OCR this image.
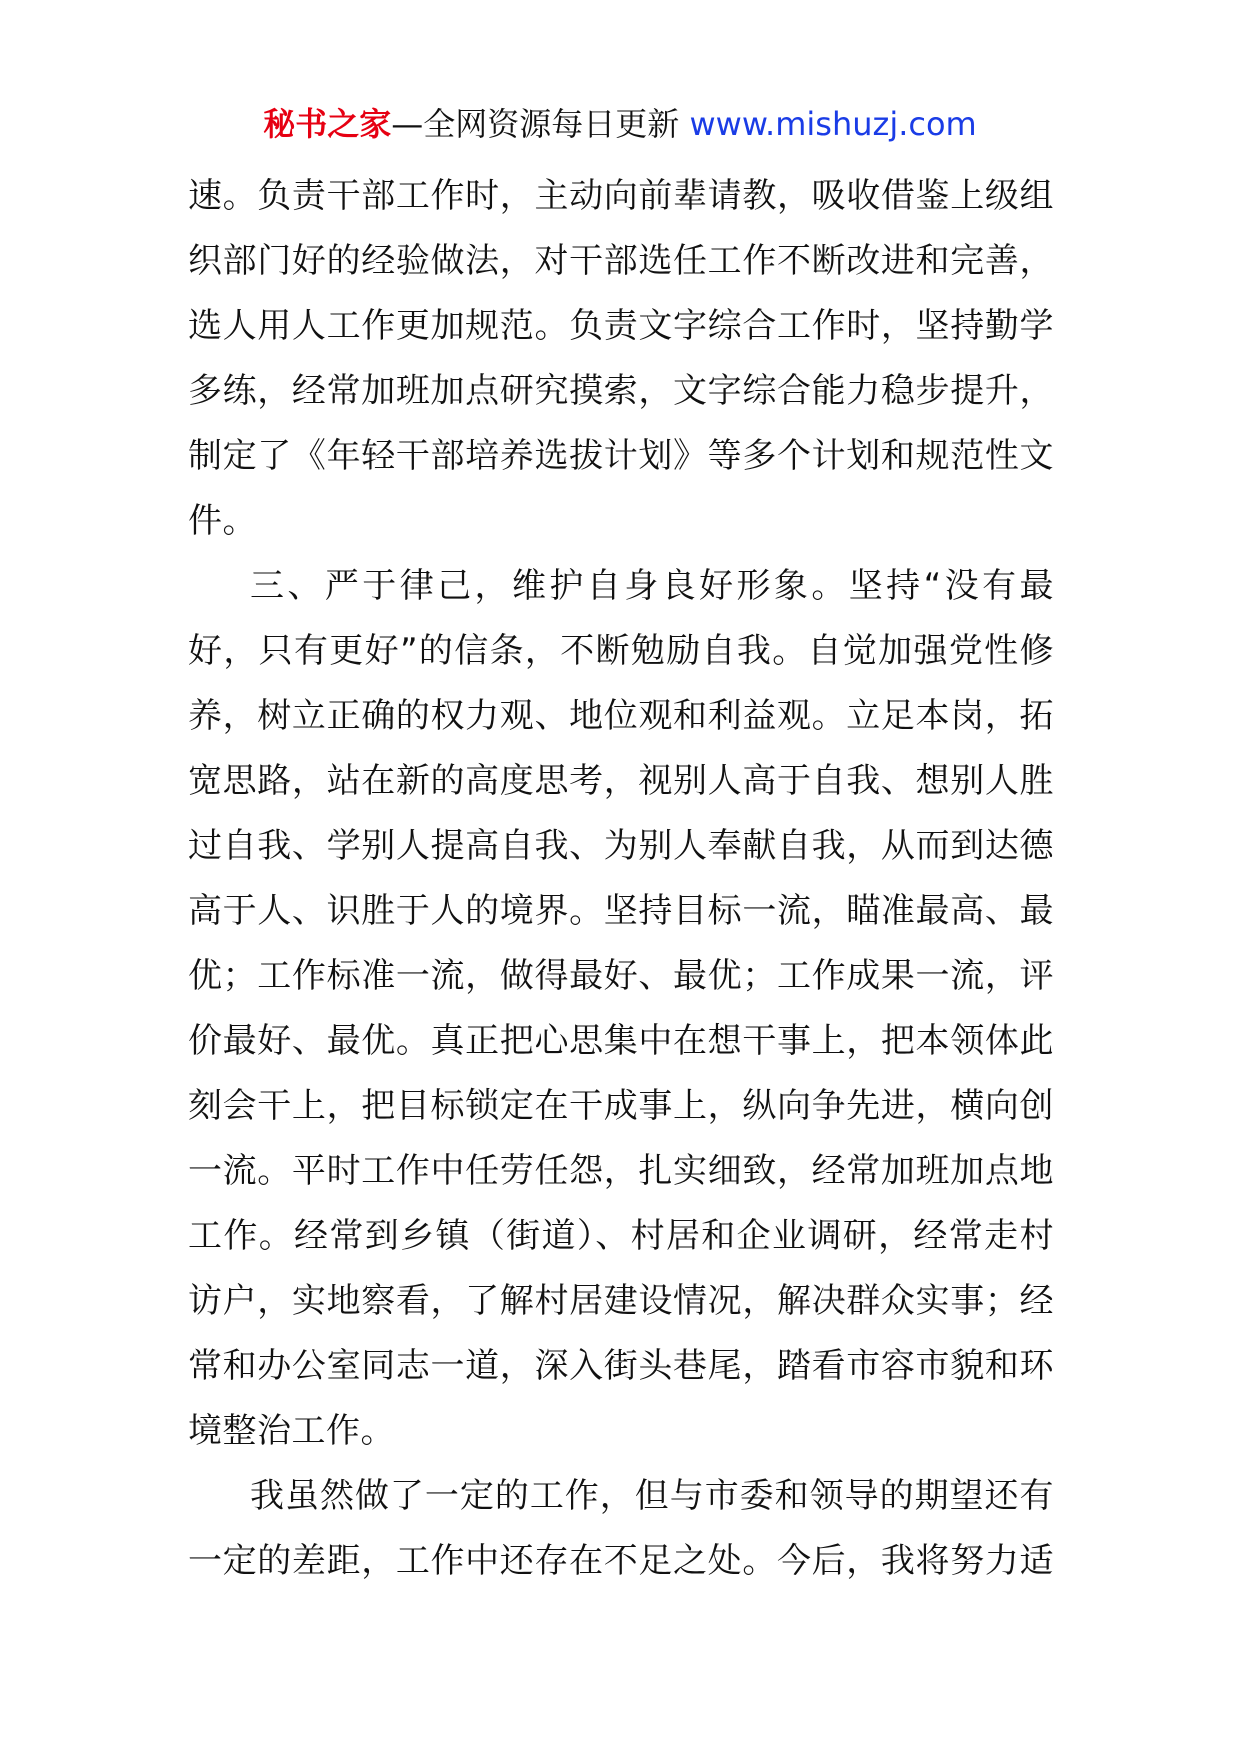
秘书之家—全网资源每日更新 www.mishuzj.com

速。负责干部工作时，主动向前辈请教，吸收借鉴上级组
织部门好的经验做法，对干部选任工作不断改进和完善，
选人用人工作更加规范。负责文字综合工作时，坚持勤学
多练，经常加班加点研究摸索，文字综合能力稳步提升，
制定了《年轻干部培养选拔计划》等多个计划和规范性文
件。

三、严于律己，维护自身良好形象。坚持“没有最
好，只有更好”的信条，不断勉励自我。自觉加强党性修
养，树立正确的权力观、地位观和利益观。立足本岗，拓
宽思路，站在新的高度思考，视别人高于自我、想别人胜
过自我、学别人提高自我、为别人奉献自我，从而到达德
高于人、识胜于人的境界。坚持目标一流，瞄准最高、最
优；工作标准一流，做得最好、最优；工作成果一流，评
价最好、最优。真正把心思集中在想干事上，把本领体此
刻会干上，把目标锁定在干成事上，纵向争先进，横向创
一流。平时工作中任劳任怨，扎实细致，经常加班加点地
工作。经常到乡镇（街道）、村居和企业调研，经常走村
访户，实地察看，了解村居建设情况，解决群众实事；经
常和办公室同志一道，深入街头巷尾，踏看市容市貌和环
境整治工作。

我虽然做了一定的工作，但与市委和领导的期望还有
一定的差距，工作中还存在不足之处。今后，我将努力适
